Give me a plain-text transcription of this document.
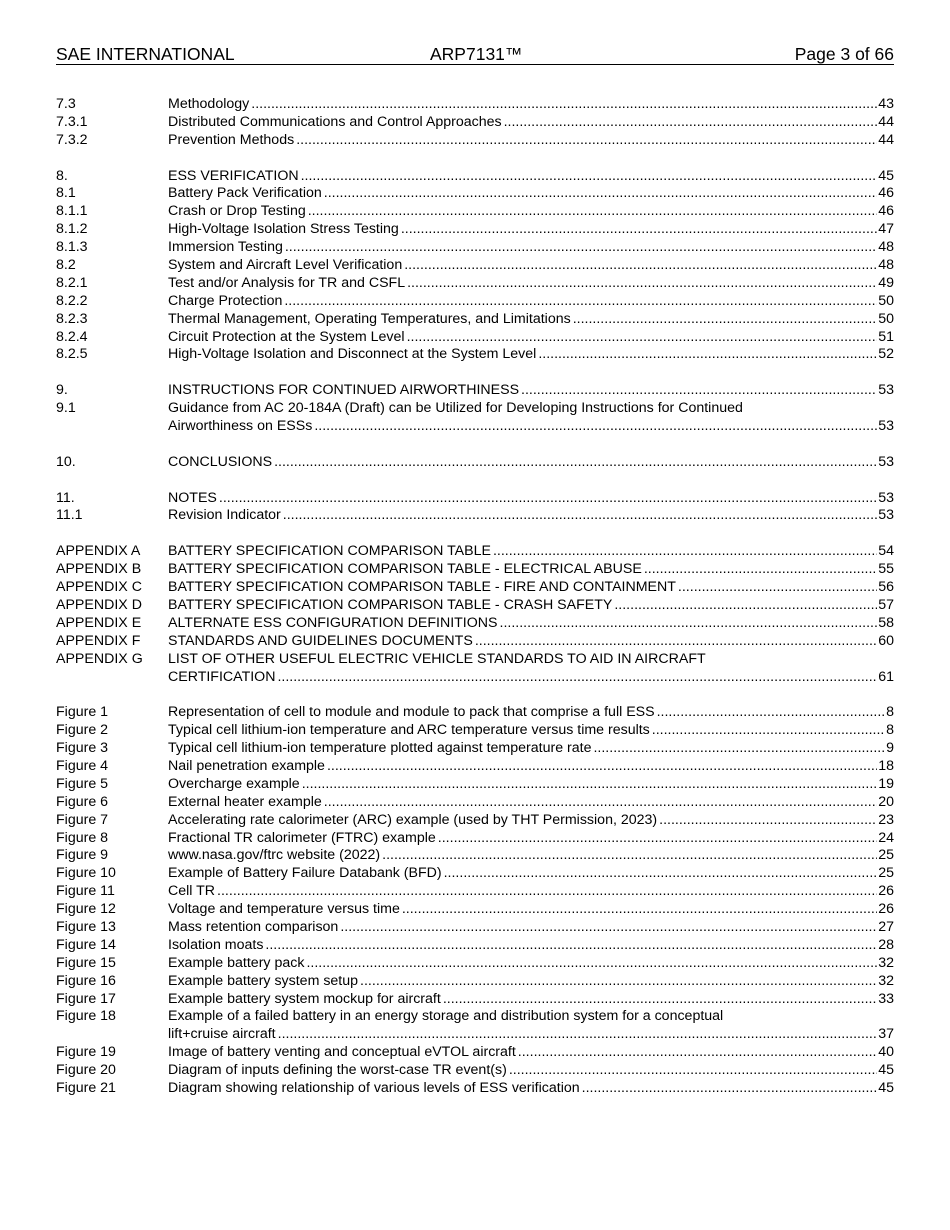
SAE INTERNATIONAL	ARP7131™	Page 3 of 66
7.3	Methodology .....	43
7.3.1	Distributed Communications and Control Approaches .....	44
7.3.2	Prevention Methods .....	44
8.	ESS VERIFICATION .....	45
8.1	Battery Pack Verification .....	46
8.1.1	Crash or Drop Testing .....	46
8.1.2	High-Voltage Isolation Stress Testing .....	47
8.1.3	Immersion Testing .....	48
8.2	System and Aircraft Level Verification .....	48
8.2.1	Test and/or Analysis for TR and CSFL .....	49
8.2.2	Charge Protection .....	50
8.2.3	Thermal Management, Operating Temperatures, and Limitations .....	50
8.2.4	Circuit Protection at the System Level .....	51
8.2.5	High-Voltage Isolation and Disconnect at the System Level .....	52
9.	INSTRUCTIONS FOR CONTINUED AIRWORTHINESS .....	53
9.1	Guidance from AC 20-184A (Draft) can be Utilized for Developing Instructions for Continued
Airworthiness on ESSs .....	53
10.	CONCLUSIONS .....	53
11.	NOTES .....	53
11.1	Revision Indicator .....	53
APPENDIX A BATTERY SPECIFICATION COMPARISON TABLE .....	54
APPENDIX B BATTERY SPECIFICATION COMPARISON TABLE - ELECTRICAL ABUSE .....	55
APPENDIX C BATTERY SPECIFICATION COMPARISON TABLE - FIRE AND CONTAINMENT .....	56
APPENDIX D BATTERY SPECIFICATION COMPARISON TABLE - CRASH SAFETY .....	57
APPENDIX E ALTERNATE ESS CONFIGURATION DEFINITIONS .....	58
APPENDIX F STANDARDS AND GUIDELINES DOCUMENTS .....	60
APPENDIX G LIST OF OTHER USEFUL ELECTRIC VEHICLE STANDARDS TO AID IN AIRCRAFT
CERTIFICATION .....	61
Figure 1	Representation of cell to module and module to pack that comprise a full ESS .....	8
Figure 2	Typical cell lithium-ion temperature and ARC temperature versus time results .....	8
Figure 3	Typical cell lithium-ion temperature plotted against temperature rate .....	9
Figure 4	Nail penetration example .....	18
Figure 5	Overcharge example .....	19
Figure 6	External heater example .....	20
Figure 7	Accelerating rate calorimeter (ARC) example (used by THT Permission, 2023) .....	23
Figure 8	Fractional TR calorimeter (FTRC) example .....	24
Figure 9	www.nasa.gov/ftrc website (2022) .....	25
Figure 10	Example of Battery Failure Databank (BFD) .....	25
Figure 11	Cell TR .....	26
Figure 12	Voltage and temperature versus time .....	26
Figure 13	Mass retention comparison .....	27
Figure 14	Isolation moats .....	28
Figure 15	Example battery pack .....	32
Figure 16	Example battery system setup .....	32
Figure 17	Example battery system mockup for aircraft .....	33
Figure 18	Example of a failed battery in an energy storage and distribution system for a conceptual
lift+cruise aircraft .....	37
Figure 19	Image of battery venting and conceptual eVTOL aircraft .....	40
Figure 20	Diagram of inputs defining the worst-case TR event(s) .....	45
Figure 21	Diagram showing relationship of various levels of ESS verification .....	45
